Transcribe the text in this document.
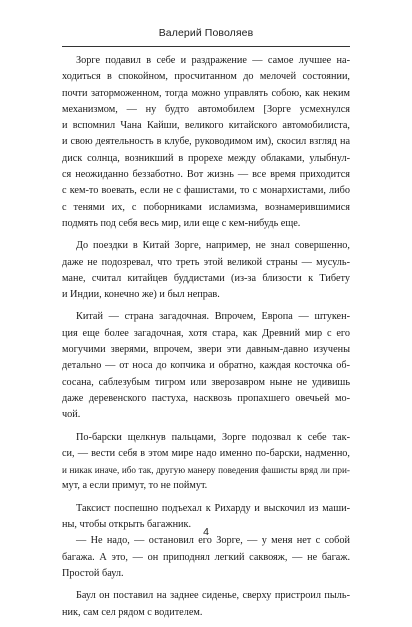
Валерий Поволяев
Зорге подавил в себе и раздражение — самое лучшее на-
ходиться в спокойном, просчитанном до мелочей состоянии,
почти заторможенном, тогда можно управлять собою, как неким
механизмом, — ну будто автомобилем [Зорге усмехнулся
и вспомнил Чана Кайши, великого китайского автомобилиста,
и свою деятельность в клубе, руководимом им), скосил взгляд на
диск солнца, возникший в прорехе между облаками, улыбнул-
ся неожиданно беззаботно. Вот жизнь — все время приходится
с кем-то воевать, если не с фашистами, то с монархистами, либо
с тенями их, с поборниками исламизма, вознамерившимися
подмять под себя весь мир, или еще с кем-нибудь еще.
До поездки в Китай Зорге, например, не знал совершенно,
даже не подозревал, что треть этой великой страны — мусуль-
мане, считал китайцев буддистами (из-за близости к Тибету
и Индии, конечно же) и был неправ.
Китай — страна загадочная. Впрочем, Европа — штукен-
ция еще более загадочная, хотя стара, как Древний мир с его
могучими зверями, впрочем, звери эти давным-давно изучены
детально — от носа до копчика и обратно, каждая косточка об-
сосана, саблезубым тигром или зверозавром ныне не удивишь
даже деревенского пастуха, насквозь пропахшего овечьей мо-
чой.
По-барски щелкнув пальцами, Зорге подозвал к себе так-
си, — вести себя в этом мире надо именно по-барски, надменно,
и никак иначе, ибо так, другую манеру поведения фашисты вряд ли при-
мут, а если примут, то не поймут.
Таксист поспешно подъехал к Рихарду и выскочил из маши-
ны, чтобы открыть багажник.
— Не надо, — остановил его Зорге, — у меня нет с собой
багажа. А это, — он приподнял легкий саквояж, — не багаж.
Простой баул.
Баул он поставил на заднее сиденье, сверху пристроил пыль-
ник, сам сел рядом с водителем.
4
